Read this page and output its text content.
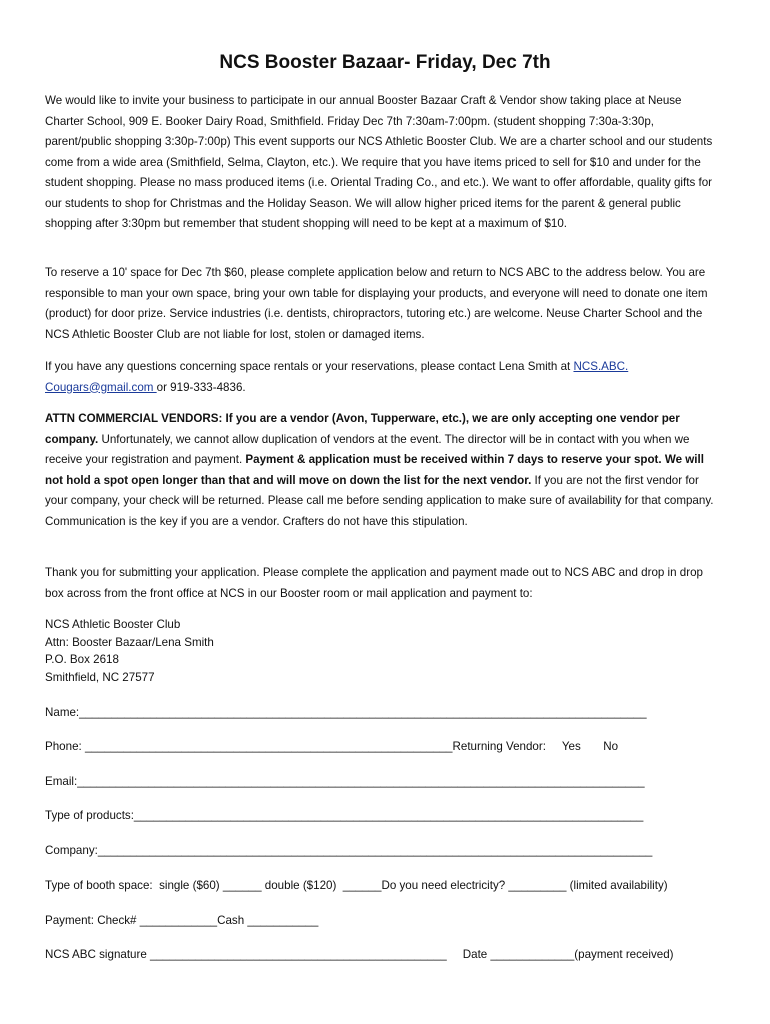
NCS Booster Bazaar- Friday, Dec 7th

We would like to invite your business to participate in our annual Booster Bazaar Craft & Vendor show taking place at Neuse Charter School, 909 E. Booker Dairy Road, Smithfield. Friday Dec 7th 7:30am-7:00pm. (student shopping 7:30a-3:30p, parent/public shopping 3:30p-7:00p) This event supports our NCS Athletic Booster Club. We are a charter school and our students come from a wide area (Smithfield, Selma, Clayton, etc.). We require that you have items priced to sell for $10 and under for the student shopping. Please no mass produced items (i.e. Oriental Trading Co., and etc.). We want to offer affordable, quality gifts for our students to shop for Christmas and the Holiday Season. We will allow higher priced items for the parent & general public shopping after 3:30pm but remember that student shopping will need to be kept at a maximum of $10.

To reserve a 10' space for Dec 7th $60, please complete application below and return to NCS ABC to the address below. You are responsible to man your own space, bring your own table for displaying your products, and everyone will need to donate one item (product) for door prize. Service industries (i.e. dentists, chiropractors, tutoring etc.) are welcome. Neuse Charter School and the NCS Athletic Booster Club are not liable for lost, stolen or damaged items.

If you have any questions concerning space rentals or your reservations, please contact Lena Smith at NCS.ABC. Cougars@gmail.com or 919-333-4836.

ATTN COMMERCIAL VENDORS: If you are a vendor (Avon, Tupperware, etc.), we are only accepting one vendor per company. Unfortunately, we cannot allow duplication of vendors at the event. The director will be in contact with you when we receive your registration and payment. Payment & application must be received within 7 days to reserve your spot. We will not hold a spot open longer than that and will move on down the list for the next vendor. If you are not the first vendor for your company, your check will be returned. Please call me before sending application to make sure of availability for that company. Communication is the key if you are a vendor. Crafters do not have this stipulation.

Thank you for submitting your application. Please complete the application and payment made out to NCS ABC and drop in drop box across from the front office at NCS in our Booster room or mail application and payment to:

NCS Athletic Booster Club
Attn: Booster Bazaar/Lena Smith
P.O. Box 2618
Smithfield, NC 27577
Name:________________________________________________________________________________________
Phone: _________________________________________________________Returning Vendor:     Yes       No
Email:________________________________________________________________________________________
Type of products:_______________________________________________________________________________
Company:______________________________________________________________________________________
Type of booth space:  single ($60) ______ double ($120)  ______Do you need electricity? _________ (limited availability)
Payment: Check# ____________Cash ___________
NCS ABC signature ______________________________________________     Date _____________(payment received)
